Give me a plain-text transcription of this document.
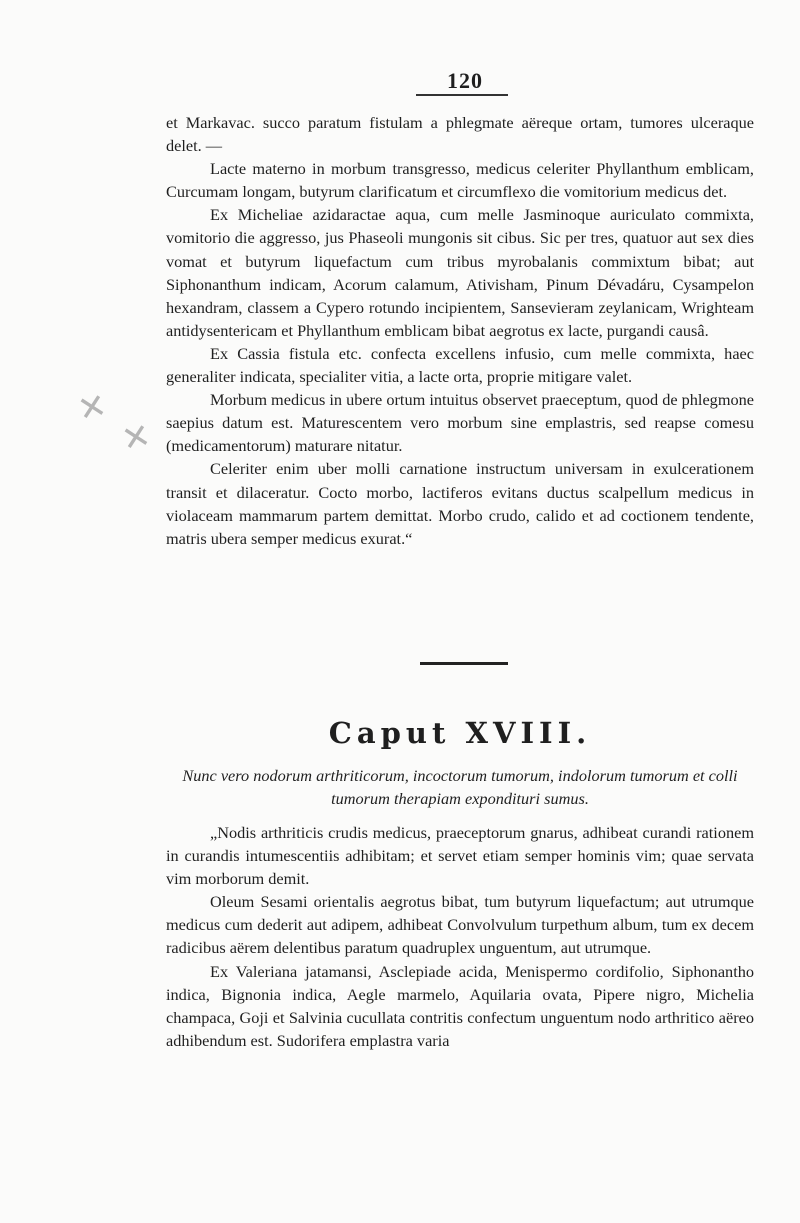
✕
✕
120

et Markavac. succo paratum fistulam a phlegmate aëreque ortam, tumores ulceraque delet. —

Lacte materno in morbum transgresso, medicus celeriter Phyllanthum emblicam, Curcumam longam, butyrum clarificatum et circumflexo die vomitorium medicus det.

Ex Micheliae azidaractae aqua, cum melle Jasminoque auriculato commixta, vomitorio die aggresso, jus Phaseoli mungonis sit cibus. Sic per tres, quatuor aut sex dies vomat et butyrum liquefactum cum tribus myrobalanis commixtum bibat; aut Siphonanthum indicam, Acorum calamum, Ativisham, Pinum Dévadáru, Cysampelon hexandram, classem a Cypero rotundo incipientem, Sansevieram zeylanicam, Wrighteam antidysentericam et Phyllanthum emblicam bibat aegrotus ex lacte, purgandi causâ.

Ex Cassia fistula etc. confecta excellens infusio, cum melle commixta, haec generaliter indicata, specialiter vitia, a lacte orta, proprie mitigare valet.

Morbum medicus in ubere ortum intuitus observet praeceptum, quod de phlegmone saepius datum est. Maturescentem vero morbum sine emplastris, sed reapse comesu (medicamentorum) maturare nitatur.

Celeriter enim uber molli carnatione instructum universam in exulcerationem transit et dilaceratur. Cocto morbo, lactiferos evitans ductus scalpellum medicus in violaceam mammarum partem demittat. Morbo crudo, calido et ad coctionem tendente, matris ubera semper medicus exurat.“

Caput XVIII.
Nunc vero nodorum arthriticorum, incoctorum tumorum, indolorum tumorum et colli tumorum therapiam expondituri sumus.

„Nodis arthriticis crudis medicus, praeceptorum gnarus, adhibeat curandi rationem in curandis intumescentiis adhibitam; et servet etiam semper hominis vim; quae servata vim morborum demit.

Oleum Sesami orientalis aegrotus bibat, tum butyrum liquefactum; aut utrumque medicus cum dederit aut adipem, adhibeat Convolvulum turpethum album, tum ex decem radicibus aërem delentibus paratum quadruplex unguentum, aut utrumque.

Ex Valeriana jatamansi, Asclepiade acida, Menispermo cordifolio, Siphonantho indica, Bignonia indica, Aegle marmelo, Aquilaria ovata, Pipere nigro, Michelia champaca, Goji et Salvinia cucullata contritis confectum unguentum nodo arthritico aëreo adhibendum est. Sudorifera emplastra varia
